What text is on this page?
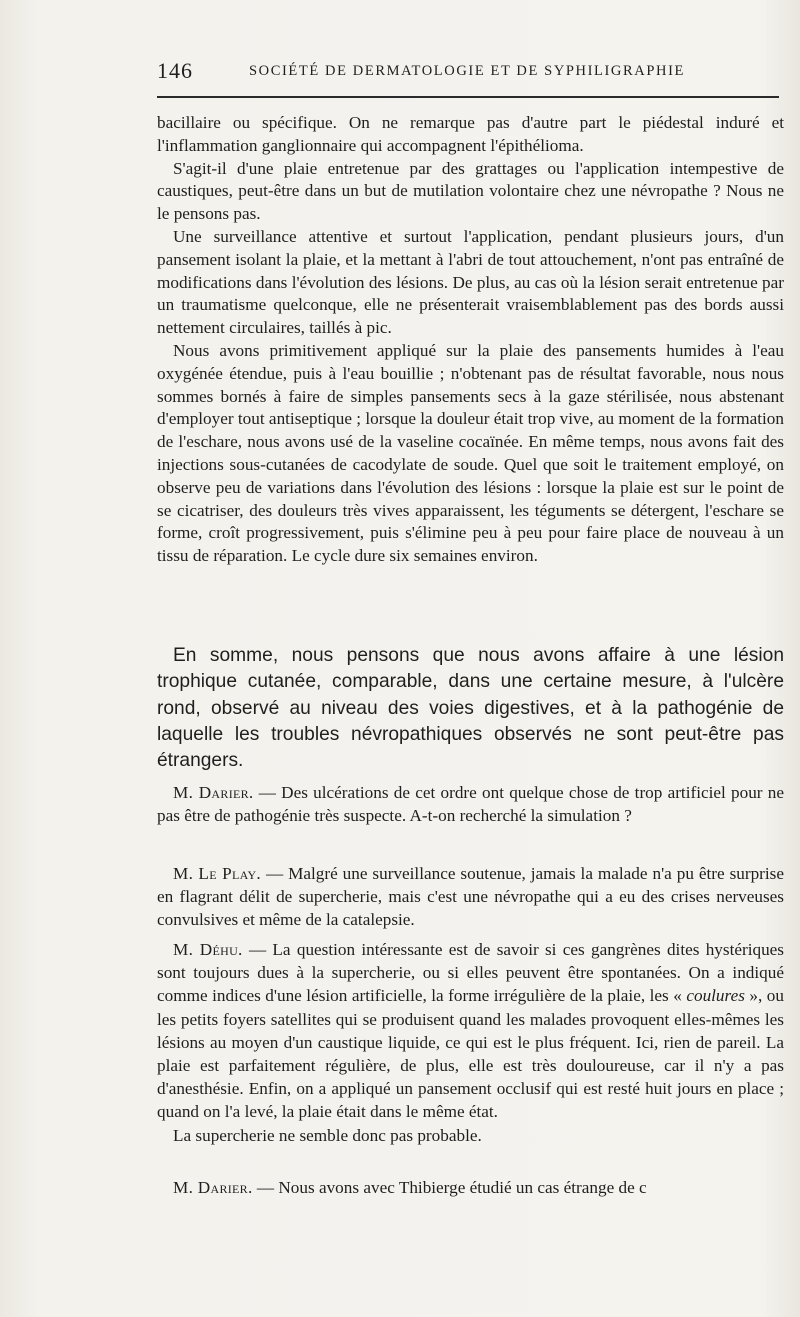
146	SOCIÉTÉ DE DERMATOLOGIE ET DE SYPHILIGRAPHIE

bacillaire ou spécifique. On ne remarque pas d'autre part le piédestal induré et l'inflammation ganglionnaire qui accompagnent l'épithélioma.

S'agit-il d'une plaie entretenue par des grattages ou l'application intempestive de caustiques, peut-être dans un but de mutilation volontaire chez une névropathe ? Nous ne le pensons pas.

Une surveillance attentive et surtout l'application, pendant plusieurs jours, d'un pansement isolant la plaie, et la mettant à l'abri de tout attouchement, n'ont pas entraîné de modifications dans l'évolution des lésions. De plus, au cas où la lésion serait entretenue par un traumatisme quelconque, elle ne présenterait vraisemblablement pas des bords aussi nettement circulaires, taillés à pic.

Nous avons primitivement appliqué sur la plaie des pansements humides à l'eau oxygénée étendue, puis à l'eau bouillie ; n'obtenant pas de résultat favorable, nous nous sommes bornés à faire de simples pansements secs à la gaze stérilisée, nous abstenant d'employer tout antiseptique ; lorsque la douleur était trop vive, au moment de la formation de l'eschare, nous avons usé de la vaseline cocaïnée. En même temps, nous avons fait des injections sous-cutanées de cacodylate de soude. Quel que soit le traitement employé, on observe peu de variations dans l'évolution des lésions : lorsque la plaie est sur le point de se cicatriser, des douleurs très vives apparaissent, les téguments se détergent, l'eschare se forme, croît progressivement, puis s'élimine peu à peu pour faire place de nouveau à un tissu de réparation. Le cycle dure six semaines environ.

En somme, nous pensons que nous avons affaire à une lésion trophique cutanée, comparable, dans une certaine mesure, à l'ulcère rond, observé au niveau des voies digestives, et à la pathogénie de laquelle les troubles névropathiques observés ne sont peut-être pas étrangers.

M. Darier. — Des ulcérations de cet ordre ont quelque chose de trop artificiel pour ne pas être de pathogénie très suspecte. A-t-on recherché la simulation ?

M. Le Play. — Malgré une surveillance soutenue, jamais la malade n'a pu être surprise en flagrant délit de supercherie, mais c'est une névropathe qui a eu des crises nerveuses convulsives et même de la catalepsie.

M. Déhu. — La question intéressante est de savoir si ces gangrènes dites hystériques sont toujours dues à la supercherie, ou si elles peuvent être spontanées. On a indiqué comme indices d'une lésion artificielle, la forme irrégulière de la plaie, les « coulures », ou les petits foyers satellites qui se produisent quand les malades provoquent elles-mêmes les lésions au moyen d'un caustique liquide, ce qui est le plus fréquent. Ici, rien de pareil. La plaie est parfaitement régulière, de plus, elle est très douloureuse, car il n'y a pas d'anesthésie. Enfin, on a appliqué un pansement occlusif qui est resté huit jours en place ; quand on l'a levé, la plaie était dans le même état.

La supercherie ne semble donc pas probable.

M. Darier. — Nous avons avec Thibierge étudié un cas étrange de c
